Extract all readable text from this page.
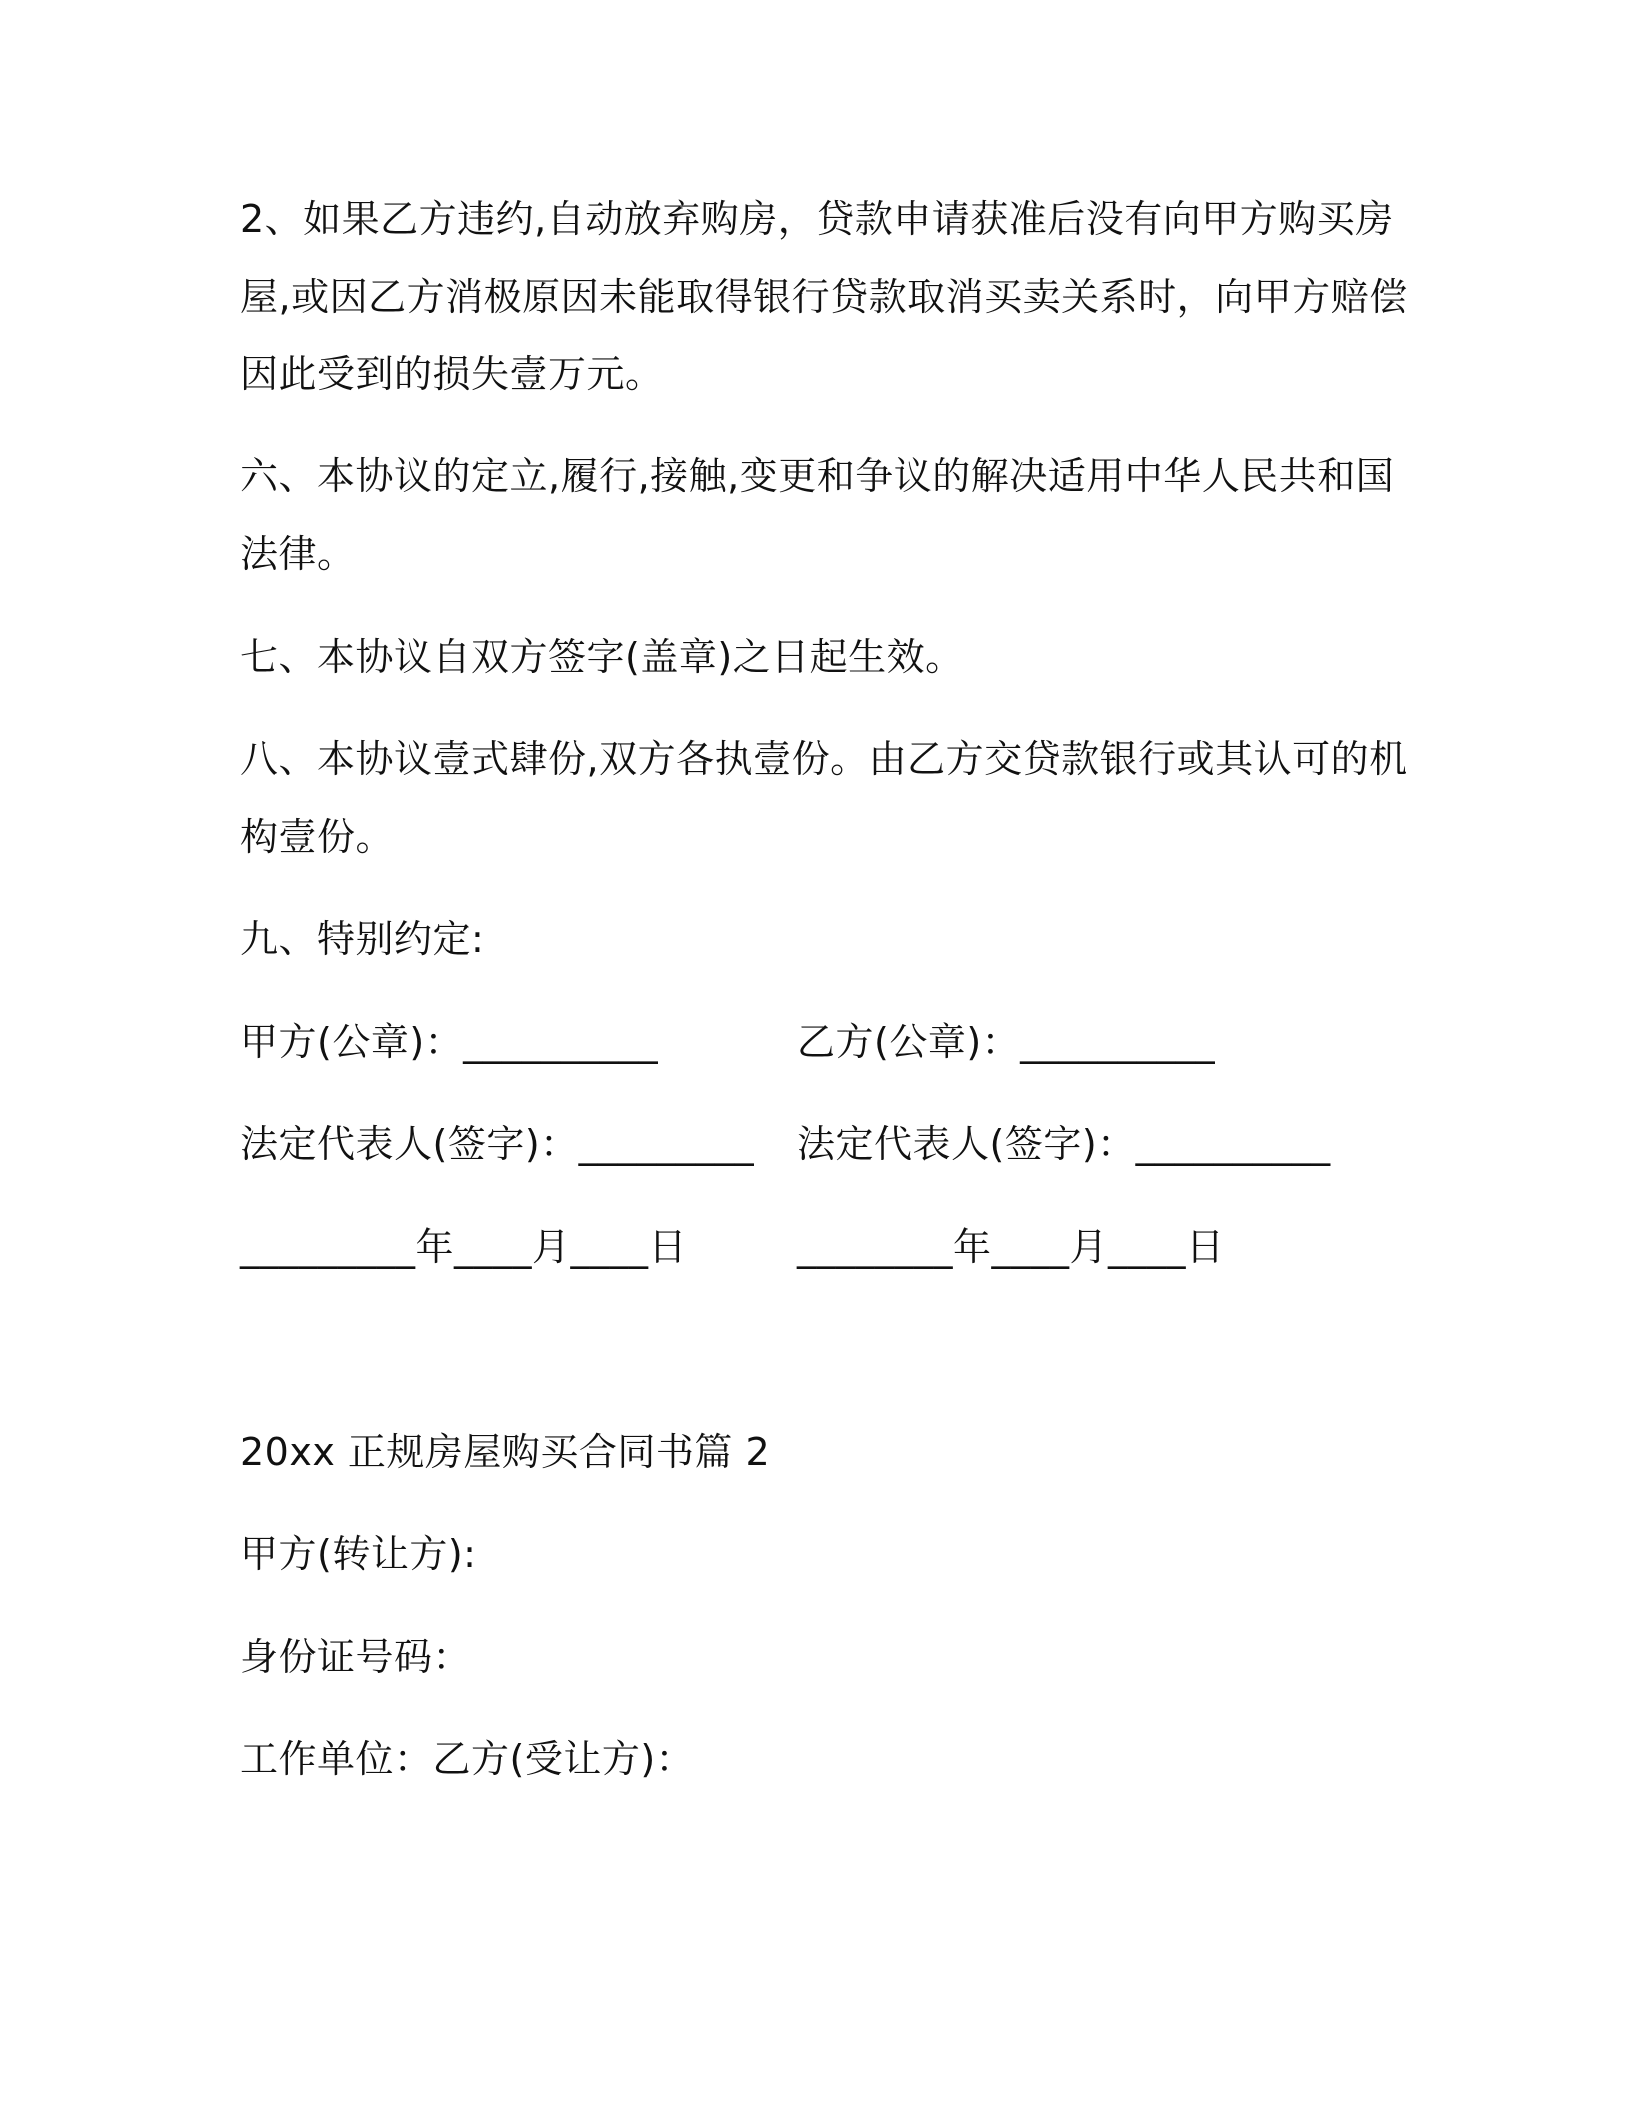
2、如果乙方违约,自动放弃购房，贷款申请获准后没有向甲方购买房
屋,或因乙方消极原因未能取得银行贷款取消买卖关系时，向甲方赔偿
因此受到的损失壹万元。
六、本协议的定立,履行,接触,变更和争议的解决适用中华人民共和国
法律。
七、本协议自双方签字(盖章)之日起生效。
八、本协议壹式肆份,双方各执壹份。由乙方交贷款银行或其认可的机
构壹份。
九、特别约定:
甲方(公章)：__________	乙方(公章)：__________
法定代表人(签字)：_________ 法定代表人(签字)：__________
_________年____月____日	________年____月____日
20xx 正规房屋购买合同书篇 2
甲方(转让方):
身份证号码：
工作单位：乙方(受让方)：
